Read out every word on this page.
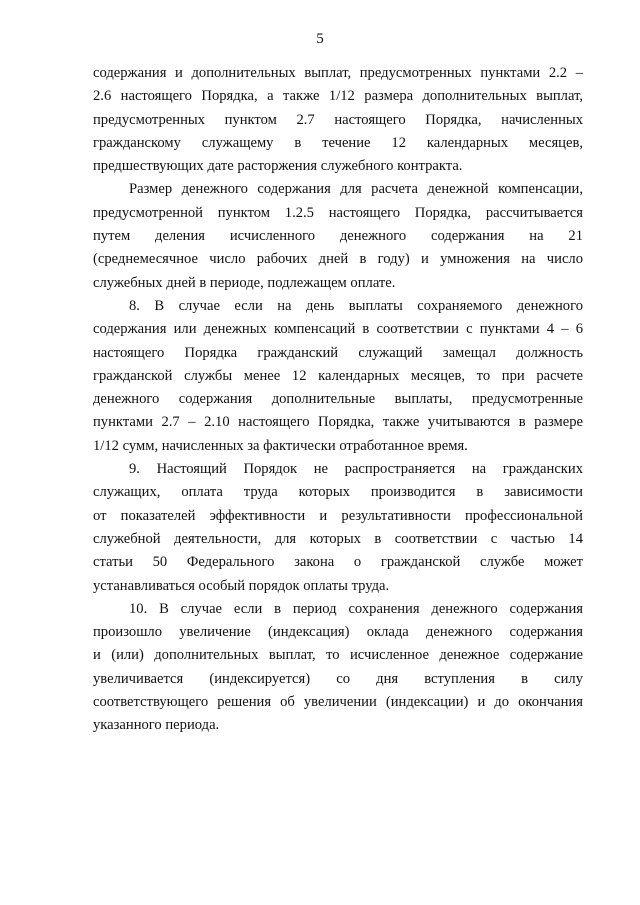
5
содержания и дополнительных выплат, предусмотренных пунктами 2.2 –
2.6 настоящего Порядка, а также 1/12 размера дополнительных выплат,
предусмотренных пунктом 2.7 настоящего Порядка, начисленных
гражданскому служащему в течение 12 календарных месяцев,
предшествующих дате расторжения служебного контракта.
Размер денежного содержания для расчета денежной компенсации,
предусмотренной пунктом 1.2.5 настоящего Порядка, рассчитывается
путем деления исчисленного денежного содержания на 21
(среднемесячное число рабочих дней в году) и умножения на число
служебных дней в периоде, подлежащем оплате.
8. В случае если на день выплаты сохраняемого денежного
содержания или денежных компенсаций в соответствии с пунктами 4 – 6
настоящего Порядка гражданский служащий замещал должность
гражданской службы менее 12 календарных месяцев, то при расчете
денежного содержания дополнительные выплаты, предусмотренные
пунктами 2.7 – 2.10 настоящего Порядка, также учитываются в размере
1/12 сумм, начисленных за фактически отработанное время.
9. Настоящий Порядок не распространяется на гражданских
служащих, оплата труда которых производится в зависимости
от показателей эффективности и результативности профессиональной
служебной деятельности, для которых в соответствии с частью 14
статьи 50 Федерального закона о гражданской службе может
устанавливаться особый порядок оплаты труда.
10. В случае если в период сохранения денежного содержания
произошло увеличение (индексация) оклада денежного содержания
и (или) дополнительных выплат, то исчисленное денежное содержание
увеличивается (индексируется) со дня вступления в силу
соответствующего решения об увеличении (индексации) и до окончания
указанного периода.
